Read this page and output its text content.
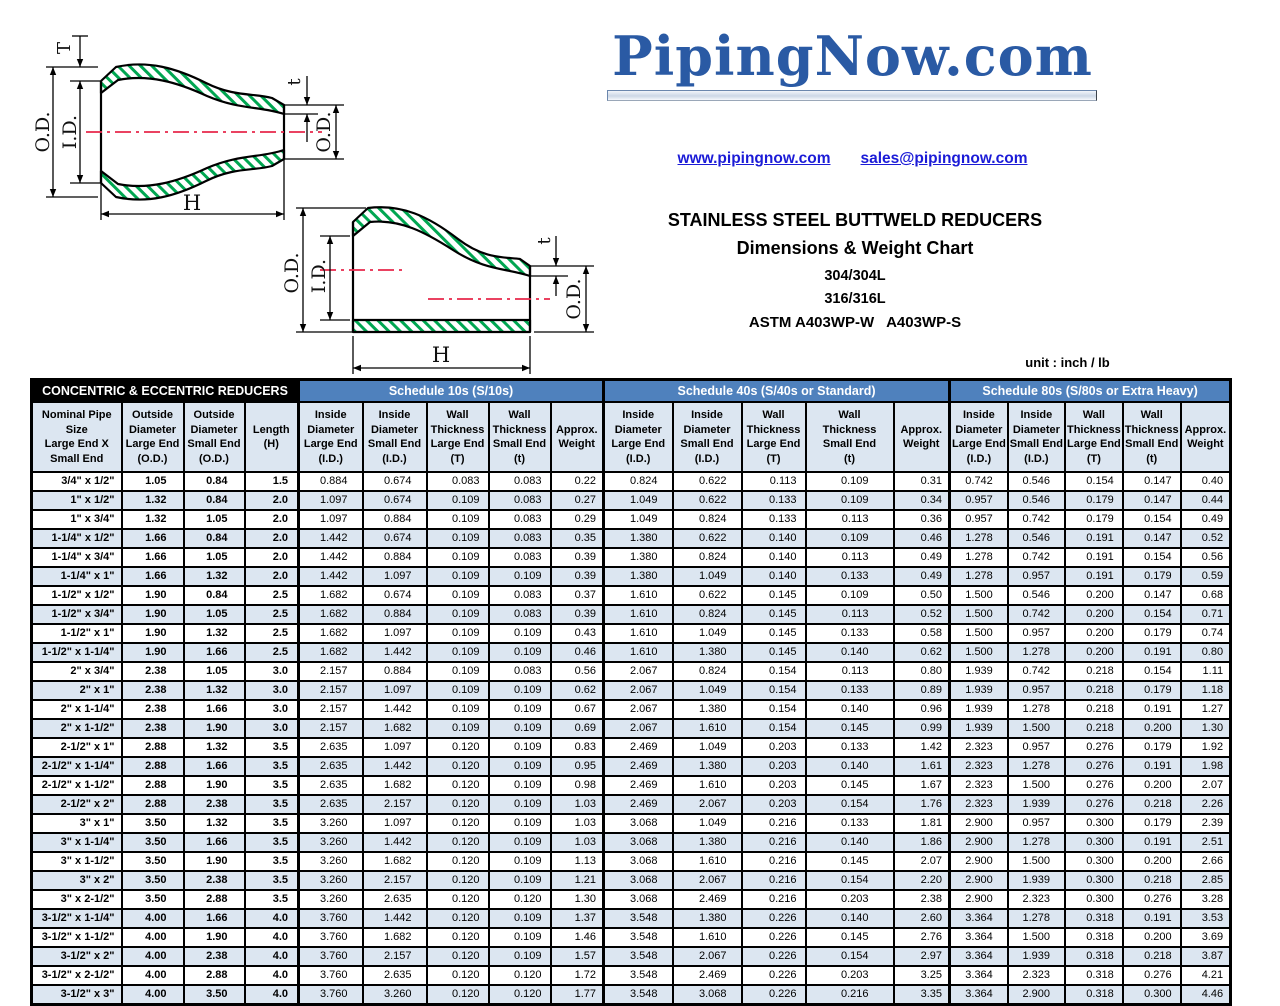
T
O.D. I.D.
t
O.D.
H
O.D. I.D.
t
O.D.
H
PipingNow.com
www.pipingnow.com sales@pipingnow.com
STAINLESS STEEL BUTTWELD REDUCERS
Dimensions & Weight Chart
304/304L
316/316L
ASTM A403WP-W   A403WP-S
unit : inch / lb
CONCENTRIC & ECCENTRIC REDUCERS				Schedule 10s (S/10s)					Schedule 40s (S/40s or Standard)					Schedule 80s (S/80s or Extra Heavy)				

Nominal Pipe
Size
Large End X
Small End

Outside
Diameter
Large End
(O.D.)

Outside
Diameter
Small End
(O.D.)

Length
(H)

Inside
Diameter
Large End
(I.D.)

Inside
Diameter
Small End
(I.D.)

Wall
Thickness
Large End
(T)

Wall
Thickness
Small End
(t)

Approx.
Weight

Inside
Diameter
Large End
(I.D.)

Inside
Diameter
Small End
(I.D.)

Wall
Thickness
Large End
(T)

Wall
Thickness
Small End
(t)

Approx.
Weight

Inside
Diameter
Large End
(I.D.)

Inside
Diameter
Small End
(I.D.)

Wall
Thickness
Large End
(T)

Wall
Thickness
Small End
(t)

Approx.
Weight

3/4" x 1/2"	1.05	0.84	1.5	0.884	0.674	0.083	0.083	0.22	0.824	0.622	0.113	0.109	0.31	0.742	0.546	0.154	0.147	0.40
1" x 1/2"	1.32	0.84	2.0	1.097	0.674	0.109	0.083	0.27	1.049	0.622	0.133	0.109	0.34	0.957	0.546	0.179	0.147	0.44
1" x 3/4"	1.32	1.05	2.0	1.097	0.884	0.109	0.083	0.29	1.049	0.824	0.133	0.113	0.36	0.957	0.742	0.179	0.154	0.49
1-1/4" x 1/2"	1.66	0.84	2.0	1.442	0.674	0.109	0.083	0.35	1.380	0.622	0.140	0.109	0.46	1.278	0.546	0.191	0.147	0.52
1-1/4" x 3/4"	1.66	1.05	2.0	1.442	0.884	0.109	0.083	0.39	1.380	0.824	0.140	0.113	0.49	1.278	0.742	0.191	0.154	0.56
1-1/4" x 1"	1.66	1.32	2.0	1.442	1.097	0.109	0.109	0.39	1.380	1.049	0.140	0.133	0.49	1.278	0.957	0.191	0.179	0.59
1-1/2" x 1/2"	1.90	0.84	2.5	1.682	0.674	0.109	0.083	0.37	1.610	0.622	0.145	0.109	0.50	1.500	0.546	0.200	0.147	0.68
1-1/2" x 3/4"	1.90	1.05	2.5	1.682	0.884	0.109	0.083	0.39	1.610	0.824	0.145	0.113	0.52	1.500	0.742	0.200	0.154	0.71
1-1/2" x 1"	1.90	1.32	2.5	1.682	1.097	0.109	0.109	0.43	1.610	1.049	0.145	0.133	0.58	1.500	0.957	0.200	0.179	0.74
1-1/2" x 1-1/4"	1.90	1.66	2.5	1.682	1.442	0.109	0.109	0.46	1.610	1.380	0.145	0.140	0.62	1.500	1.278	0.200	0.191	0.80
2" x 3/4"	2.38	1.05	3.0	2.157	0.884	0.109	0.083	0.56	2.067	0.824	0.154	0.113	0.80	1.939	0.742	0.218	0.154	1.11
2" x 1"	2.38	1.32	3.0	2.157	1.097	0.109	0.109	0.62	2.067	1.049	0.154	0.133	0.89	1.939	0.957	0.218	0.179	1.18
2" x 1-1/4"	2.38	1.66	3.0	2.157	1.442	0.109	0.109	0.67	2.067	1.380	0.154	0.140	0.96	1.939	1.278	0.218	0.191	1.27
2" x 1-1/2"	2.38	1.90	3.0	2.157	1.682	0.109	0.109	0.69	2.067	1.610	0.154	0.145	0.99	1.939	1.500	0.218	0.200	1.30
2-1/2" x 1"	2.88	1.32	3.5	2.635	1.097	0.120	0.109	0.83	2.469	1.049	0.203	0.133	1.42	2.323	0.957	0.276	0.179	1.92
2-1/2" x 1-1/4"	2.88	1.66	3.5	2.635	1.442	0.120	0.109	0.95	2.469	1.380	0.203	0.140	1.61	2.323	1.278	0.276	0.191	1.98
2-1/2" x 1-1/2"	2.88	1.90	3.5	2.635	1.682	0.120	0.109	0.98	2.469	1.610	0.203	0.145	1.67	2.323	1.500	0.276	0.200	2.07
2-1/2" x 2"	2.88	2.38	3.5	2.635	2.157	0.120	0.109	1.03	2.469	2.067	0.203	0.154	1.76	2.323	1.939	0.276	0.218	2.26
3" x 1"	3.50	1.32	3.5	3.260	1.097	0.120	0.109	1.03	3.068	1.049	0.216	0.133	1.81	2.900	0.957	0.300	0.179	2.39
3" x 1-1/4"	3.50	1.66	3.5	3.260	1.442	0.120	0.109	1.03	3.068	1.380	0.216	0.140	1.86	2.900	1.278	0.300	0.191	2.51
3" x 1-1/2"	3.50	1.90	3.5	3.260	1.682	0.120	0.109	1.13	3.068	1.610	0.216	0.145	2.07	2.900	1.500	0.300	0.200	2.66
3" x 2"	3.50	2.38	3.5	3.260	2.157	0.120	0.109	1.21	3.068	2.067	0.216	0.154	2.20	2.900	1.939	0.300	0.218	2.85
3" x 2-1/2"	3.50	2.88	3.5	3.260	2.635	0.120	0.120	1.30	3.068	2.469	0.216	0.203	2.38	2.900	2.323	0.300	0.276	3.28
3-1/2" x 1-1/4"	4.00	1.66	4.0	3.760	1.442	0.120	0.109	1.37	3.548	1.380	0.226	0.140	2.60	3.364	1.278	0.318	0.191	3.53
3-1/2" x 1-1/2"	4.00	1.90	4.0	3.760	1.682	0.120	0.109	1.46	3.548	1.610	0.226	0.145	2.76	3.364	1.500	0.318	0.200	3.69
3-1/2" x 2"	4.00	2.38	4.0	3.760	2.157	0.120	0.109	1.57	3.548	2.067	0.226	0.154	2.97	3.364	1.939	0.318	0.218	3.87
3-1/2" x 2-1/2"	4.00	2.88	4.0	3.760	2.635	0.120	0.120	1.72	3.548	2.469	0.226	0.203	3.25	3.364	2.323	0.318	0.276	4.21
3-1/2" x 3"	4.00	3.50	4.0	3.760	3.260	0.120	0.120	1.77	3.548	3.068	0.226	0.216	3.35	3.364	2.900	0.318	0.300	4.46
